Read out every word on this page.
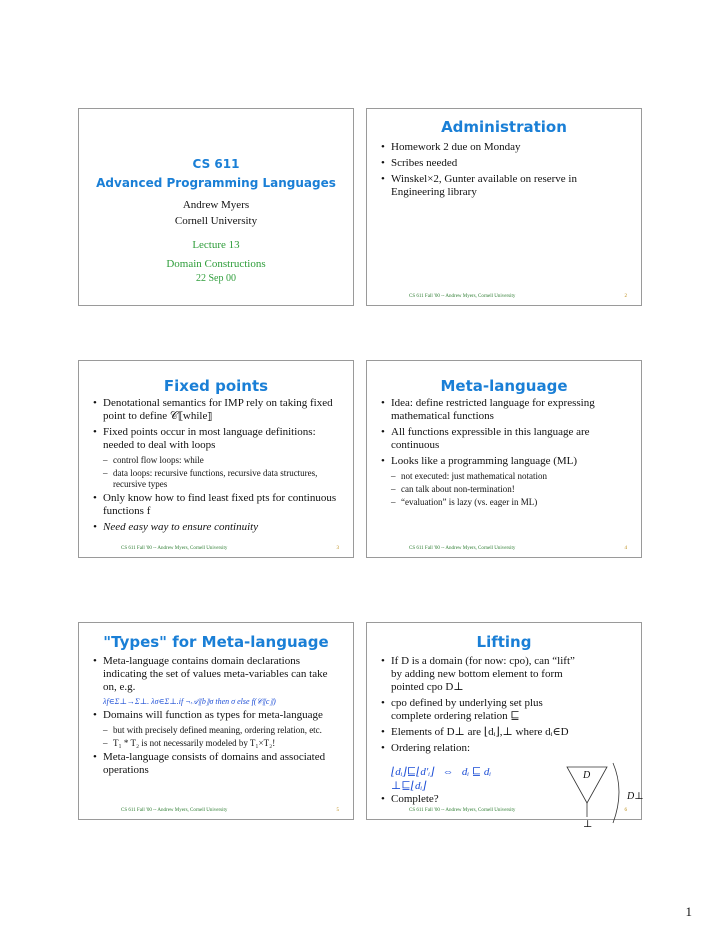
CS 611
Advanced Programming Languages
Andrew Myers
Cornell University
Lecture 13
Domain Constructions
22 Sep 00
Administration
• Homework 2 due on Monday
• Scribes needed
• Winskel×2, Gunter available on reserve in Engineering library
CS 611 Fall '00 -- Andrew Myers, Cornell University	2
Fixed points
• Denotational semantics for IMP rely on taking fixed point to define 𝒞⟦while⟧
• Fixed points occur in most language definitions: needed to deal with loops
– control flow loops: while
– data loops: recursive functions, recursive data structures, recursive types
• Only know how to find least fixed pts for continuous functions f
• Need easy way to ensure continuity
CS 611 Fall '00 -- Andrew Myers, Cornell University	3
Meta-language
• Idea: define restricted language for expressing mathematical functions
• All functions expressible in this language are continuous
• Looks like a programming language (ML)
– not executed: just mathematical notation
– can talk about non-termination!
– “evaluation” is lazy (vs. eager in ML)
CS 611 Fall '00 -- Andrew Myers, Cornell University	4
"Types" for Meta-language
• Meta-language contains domain declarations indicating the set of values meta-variables can take on, e.g.
λf∈Σ⊥→Σ⊥. λσ∈Σ⊥.if ¬𝒜⟦b⟧σ then σ else f(𝒞⟦c⟧)
• Domains will function as types for meta-language
– but with precisely defined meaning, ordering relation, etc.
– T₁ * T₂ is not necessarily modeled by T₁×T₂!
• Meta-language consists of domains and associated operations
CS 611 Fall '00 -- Andrew Myers, Cornell University	5
Lifting
• If D is a domain (for now: cpo), can “lift” by adding new bottom element to form pointed cpo D⊥
• cpo defined by underlying set plus complete ordering relation ⊑
• Elements of D⊥ are ⌊dᵢ⌋,⊥ where dᵢ∈D
• Ordering relation:
⌊dᵢ⌋⊑⌊d′ᵢ⌋   ⇔   dᵢ ⊑ dᵢ
⊥⊑⌊dᵢ⌋
• Complete?
D
D⊥
⊥
CS 611 Fall '00 -- Andrew Myers, Cornell University	6
1
